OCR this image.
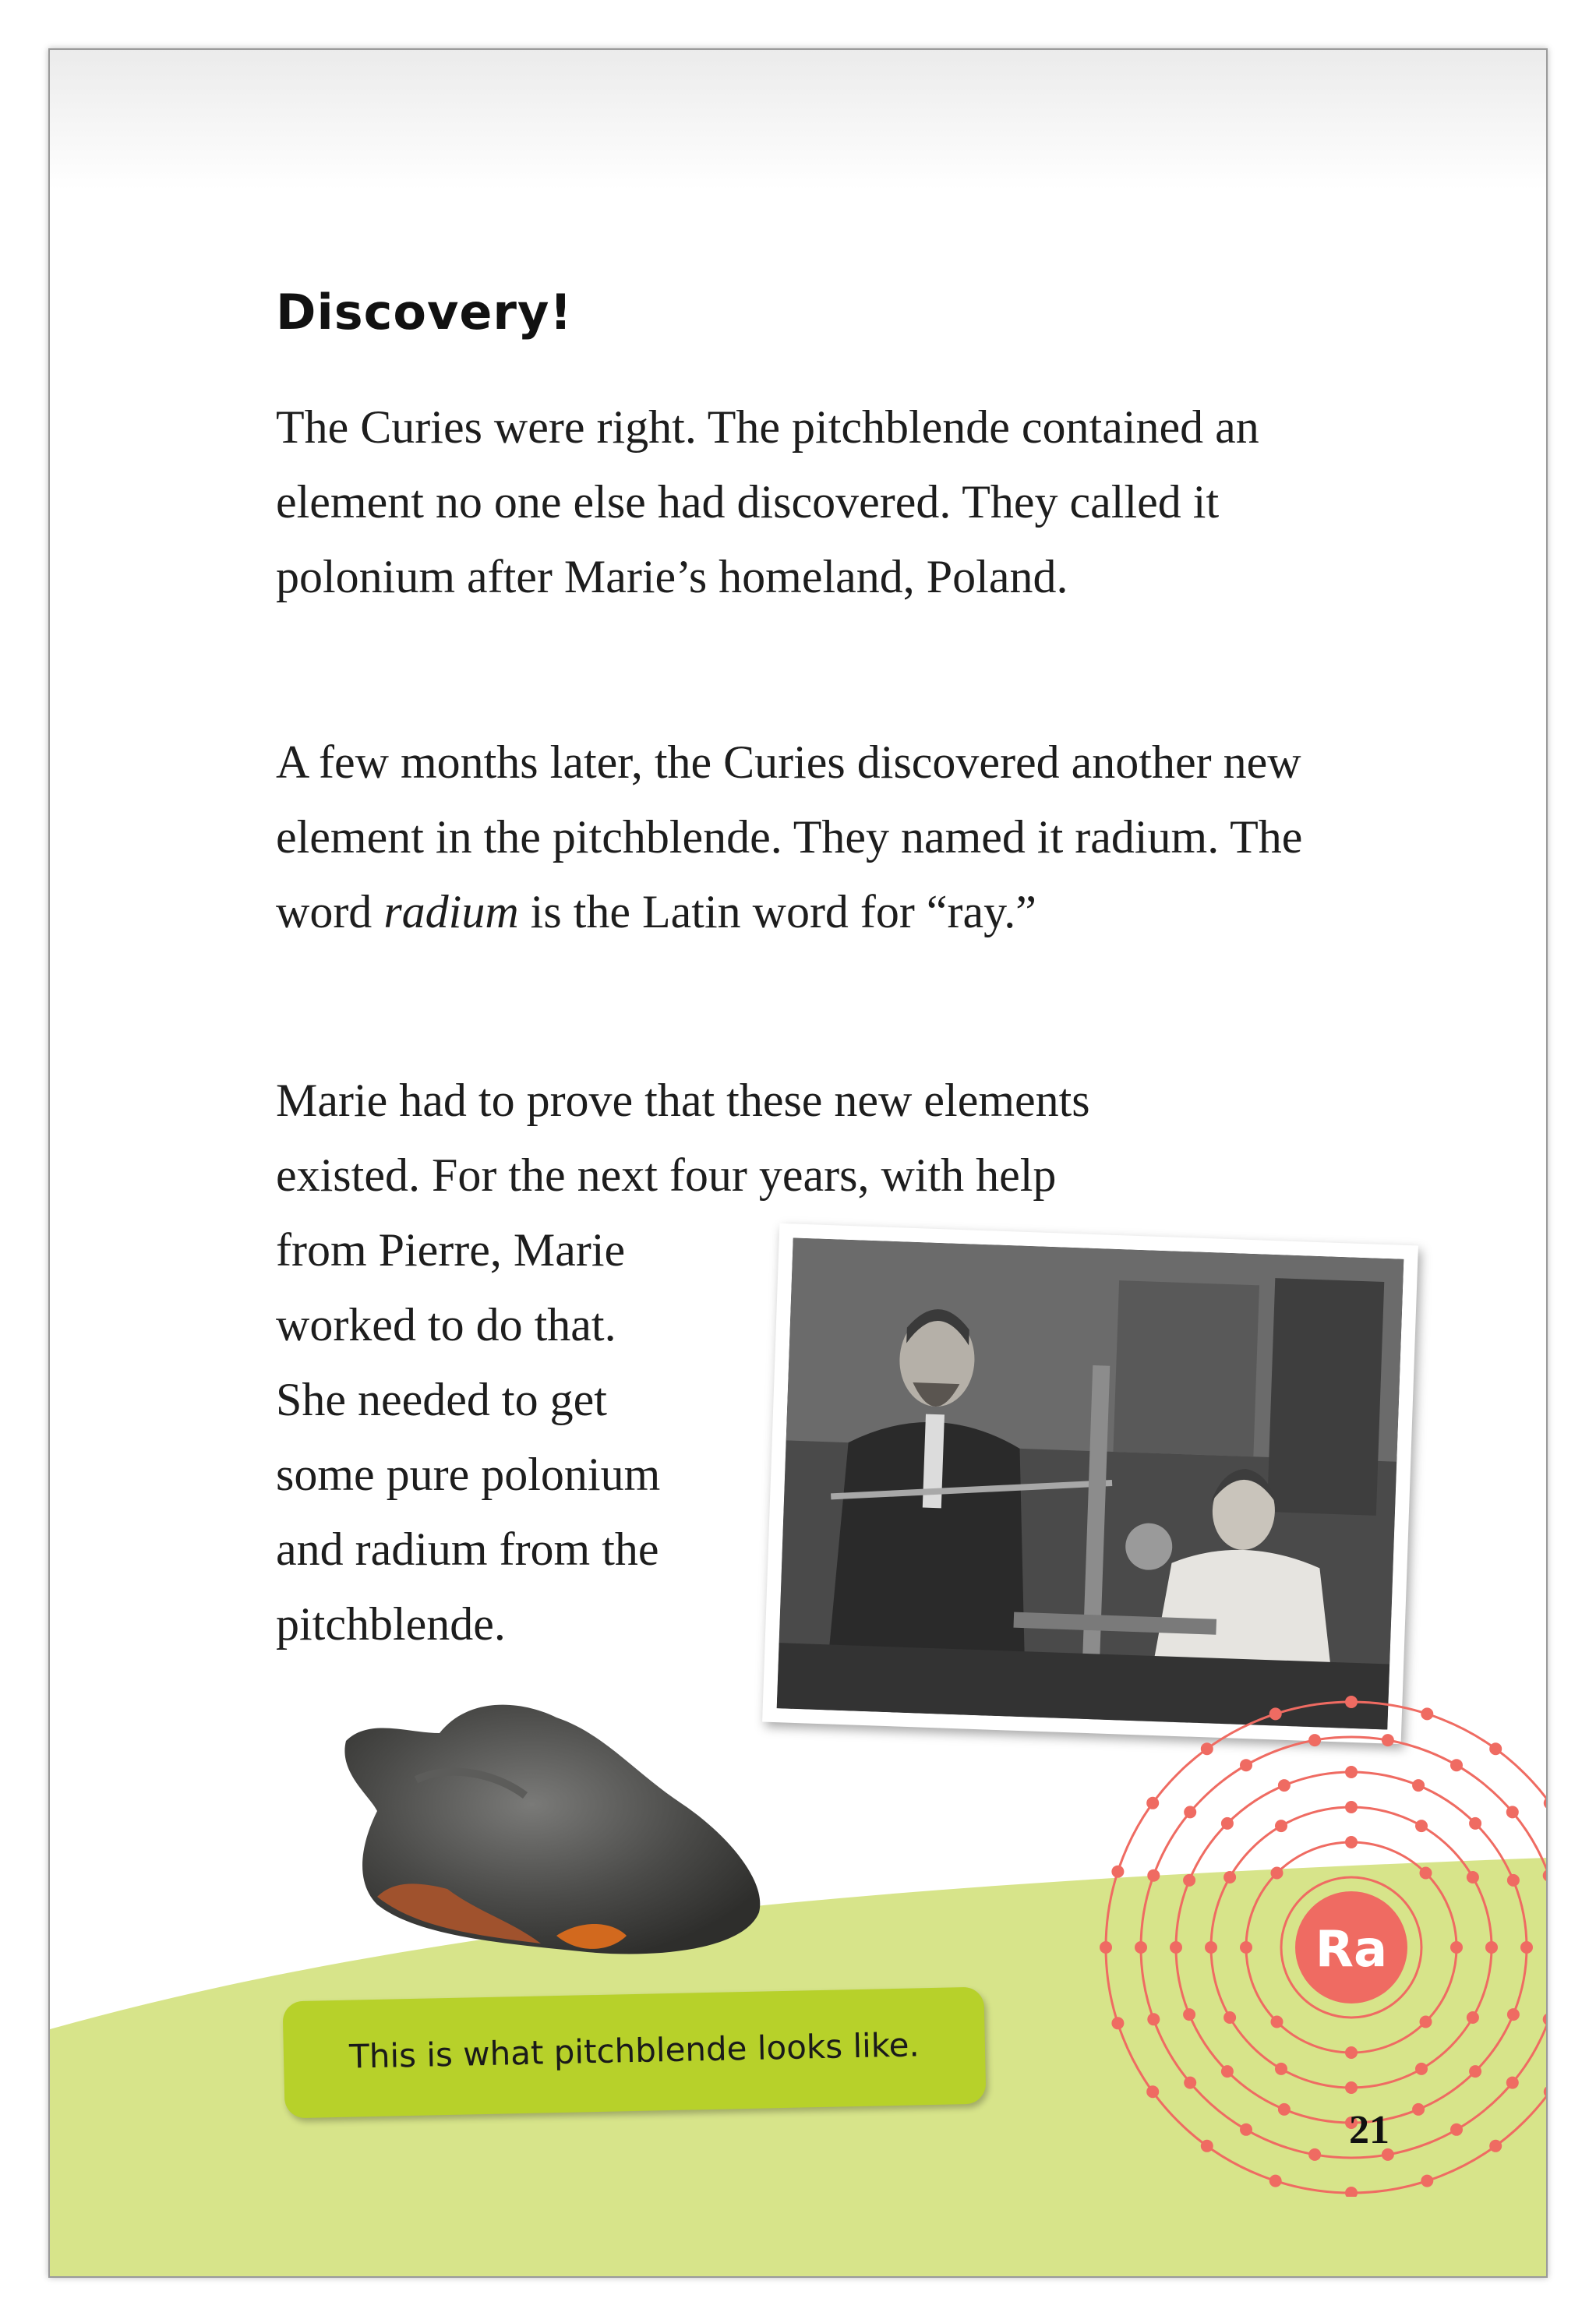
Discovery!

The Curies were right. The pitchblende contained an element no one else had discovered. They called it polonium after Marie’s homeland, Poland.

A few months later, the Curies discovered another new element in the pitchblende. They named it radium. The word radium is the Latin word for “ray.”

Marie had to prove that these new elements
existed. For the next four years, with help
from Pierre, Marie
worked to do that.
She needed to get
some pure polonium
and radium from the
pitchblende.

This is what pitchblende looks like.
Ra
21
